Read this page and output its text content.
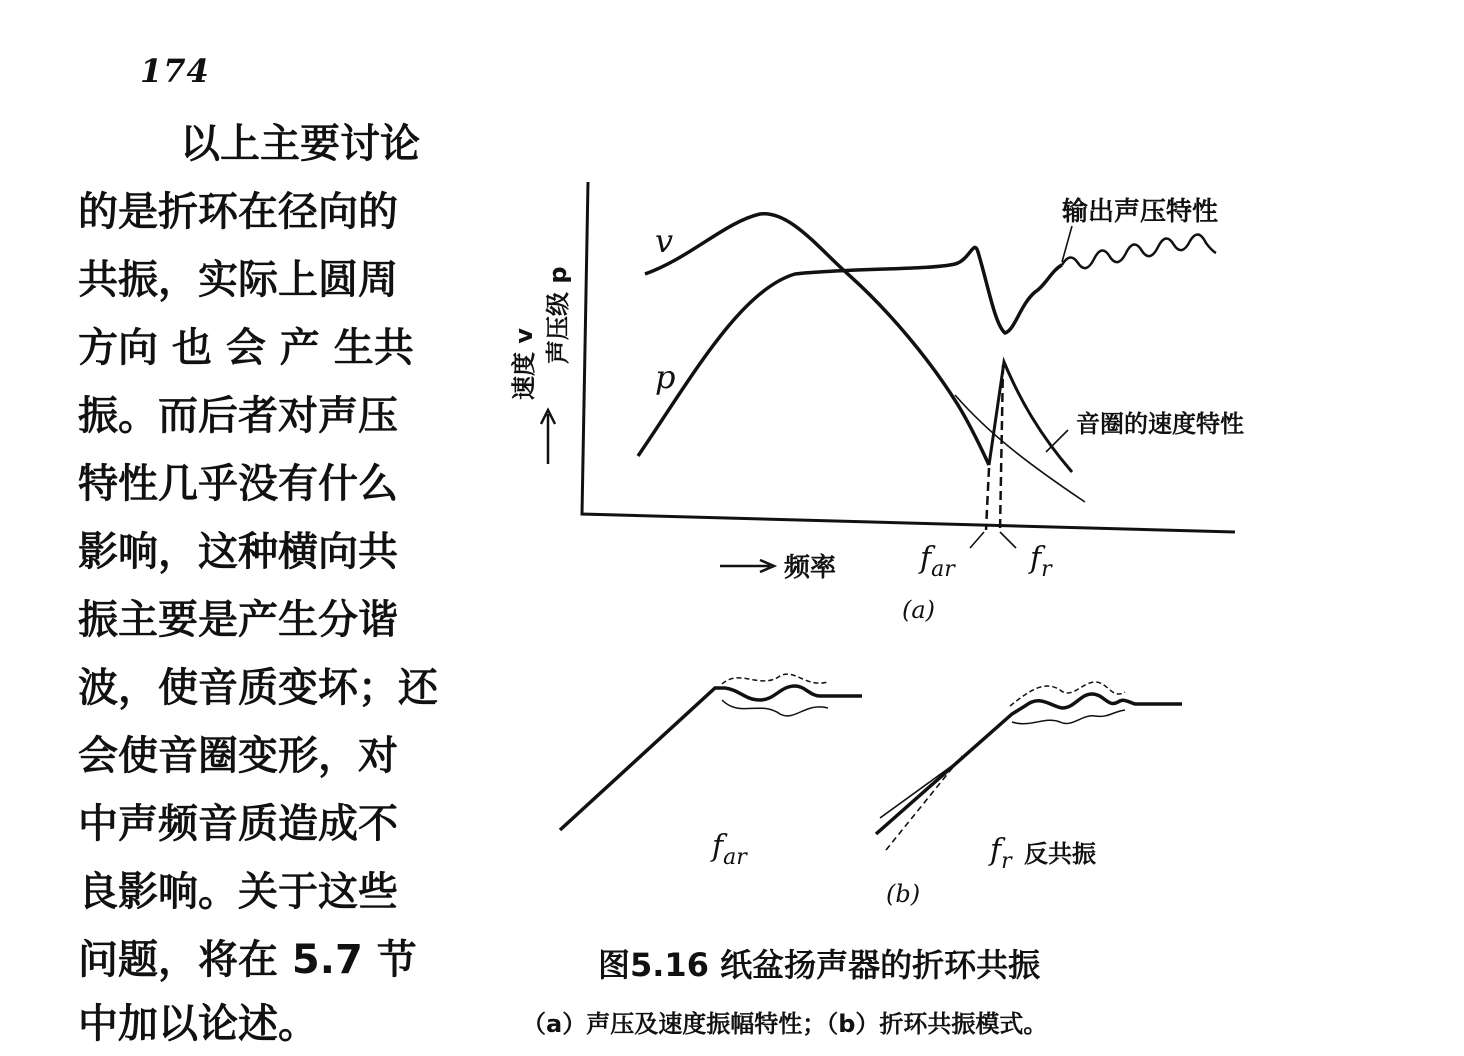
174
以上主要讨论
的是折环在径向的
共振，实际上圆周
方向 也 会 产 生共
振。而后者对声压
特性几乎没有什么
影响，这种横向共
振主要是产生分谐
波，使音质变坏；还
会使音圈变形，对
中声频音质造成不
良影响。关于这些
问题，将在 5.7 节
中加以论述。
速度 v 声压级 p
v
p
输出声压特性
音圈的速度特性
频率	$f_{ar}$	$f_r$
(a)
$f_{ar}$	$f_r$ 反共振
(b)
图5.16 纸盆扬声器的折环共振
（a）声压及速度振幅特性；（b）折环共振模式。
